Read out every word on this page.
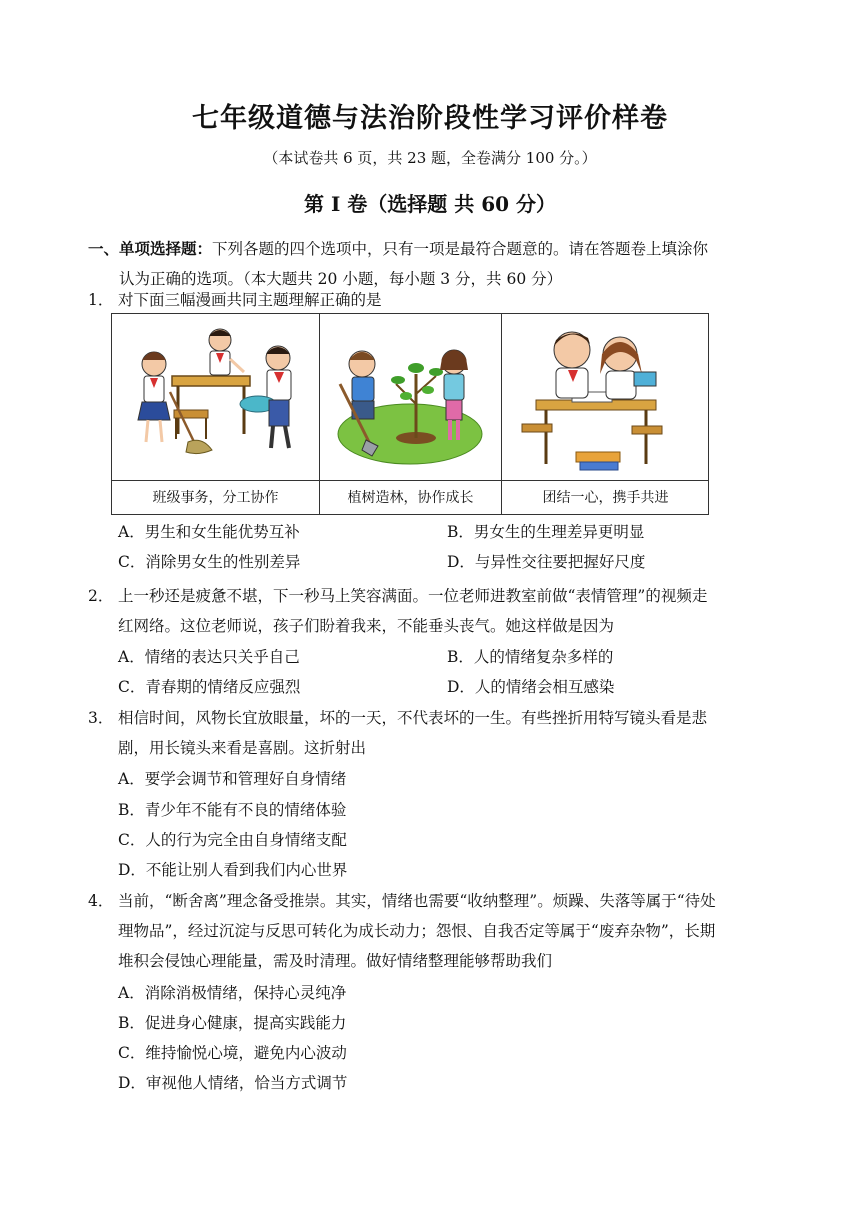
七年级道德与法治阶段性学习评价样卷
（本试卷共 6 页，共 23 题，全卷满分 100 分。）
第 I 卷（选择题 共 60 分）
一、单项选择题：下列各题的四个选项中，只有一项是最符合题意的。请在答题卷上填涂你
认为正确的选项。（本大题共 20 小题，每小题 3 分，共 60 分）
1． 对下面三幅漫画共同主题理解正确的是
班级事务，分工协作	植树造林，协作成长	团结一心，携手共进
A．男生和女生能优势互补	B．男女生的生理差异更明显
C．消除男女生的性别差异	D．与异性交往要把握好尺度
2． 上一秒还是疲惫不堪，下一秒马上笑容满面。一位老师进教室前做“表情管理”的视频走
红网络。这位老师说，孩子们盼着我来，不能垂头丧气。她这样做是因为
A．情绪的表达只关乎自己	B．人的情绪复杂多样的
C．青春期的情绪反应强烈	D．人的情绪会相互感染
3． 相信时间，风物长宜放眼量，坏的一天，不代表坏的一生。有些挫折用特写镜头看是悲
剧，用长镜头来看是喜剧。这折射出
A．要学会调节和管理好自身情绪
B．青少年不能有不良的情绪体验
C．人的行为完全由自身情绪支配
D．不能让别人看到我们内心世界
4． 当前，“断舍离”理念备受推崇。其实，情绪也需要“收纳整理”。烦躁、失落等属于“待处
理物品”，经过沉淀与反思可转化为成长动力；怨恨、自我否定等属于“废弃杂物”，长期
堆积会侵蚀心理能量，需及时清理。做好情绪整理能够帮助我们
A．消除消极情绪，保持心灵纯净
B．促进身心健康，提高实践能力
C．维持愉悦心境，避免内心波动
D．审视他人情绪，恰当方式调节
